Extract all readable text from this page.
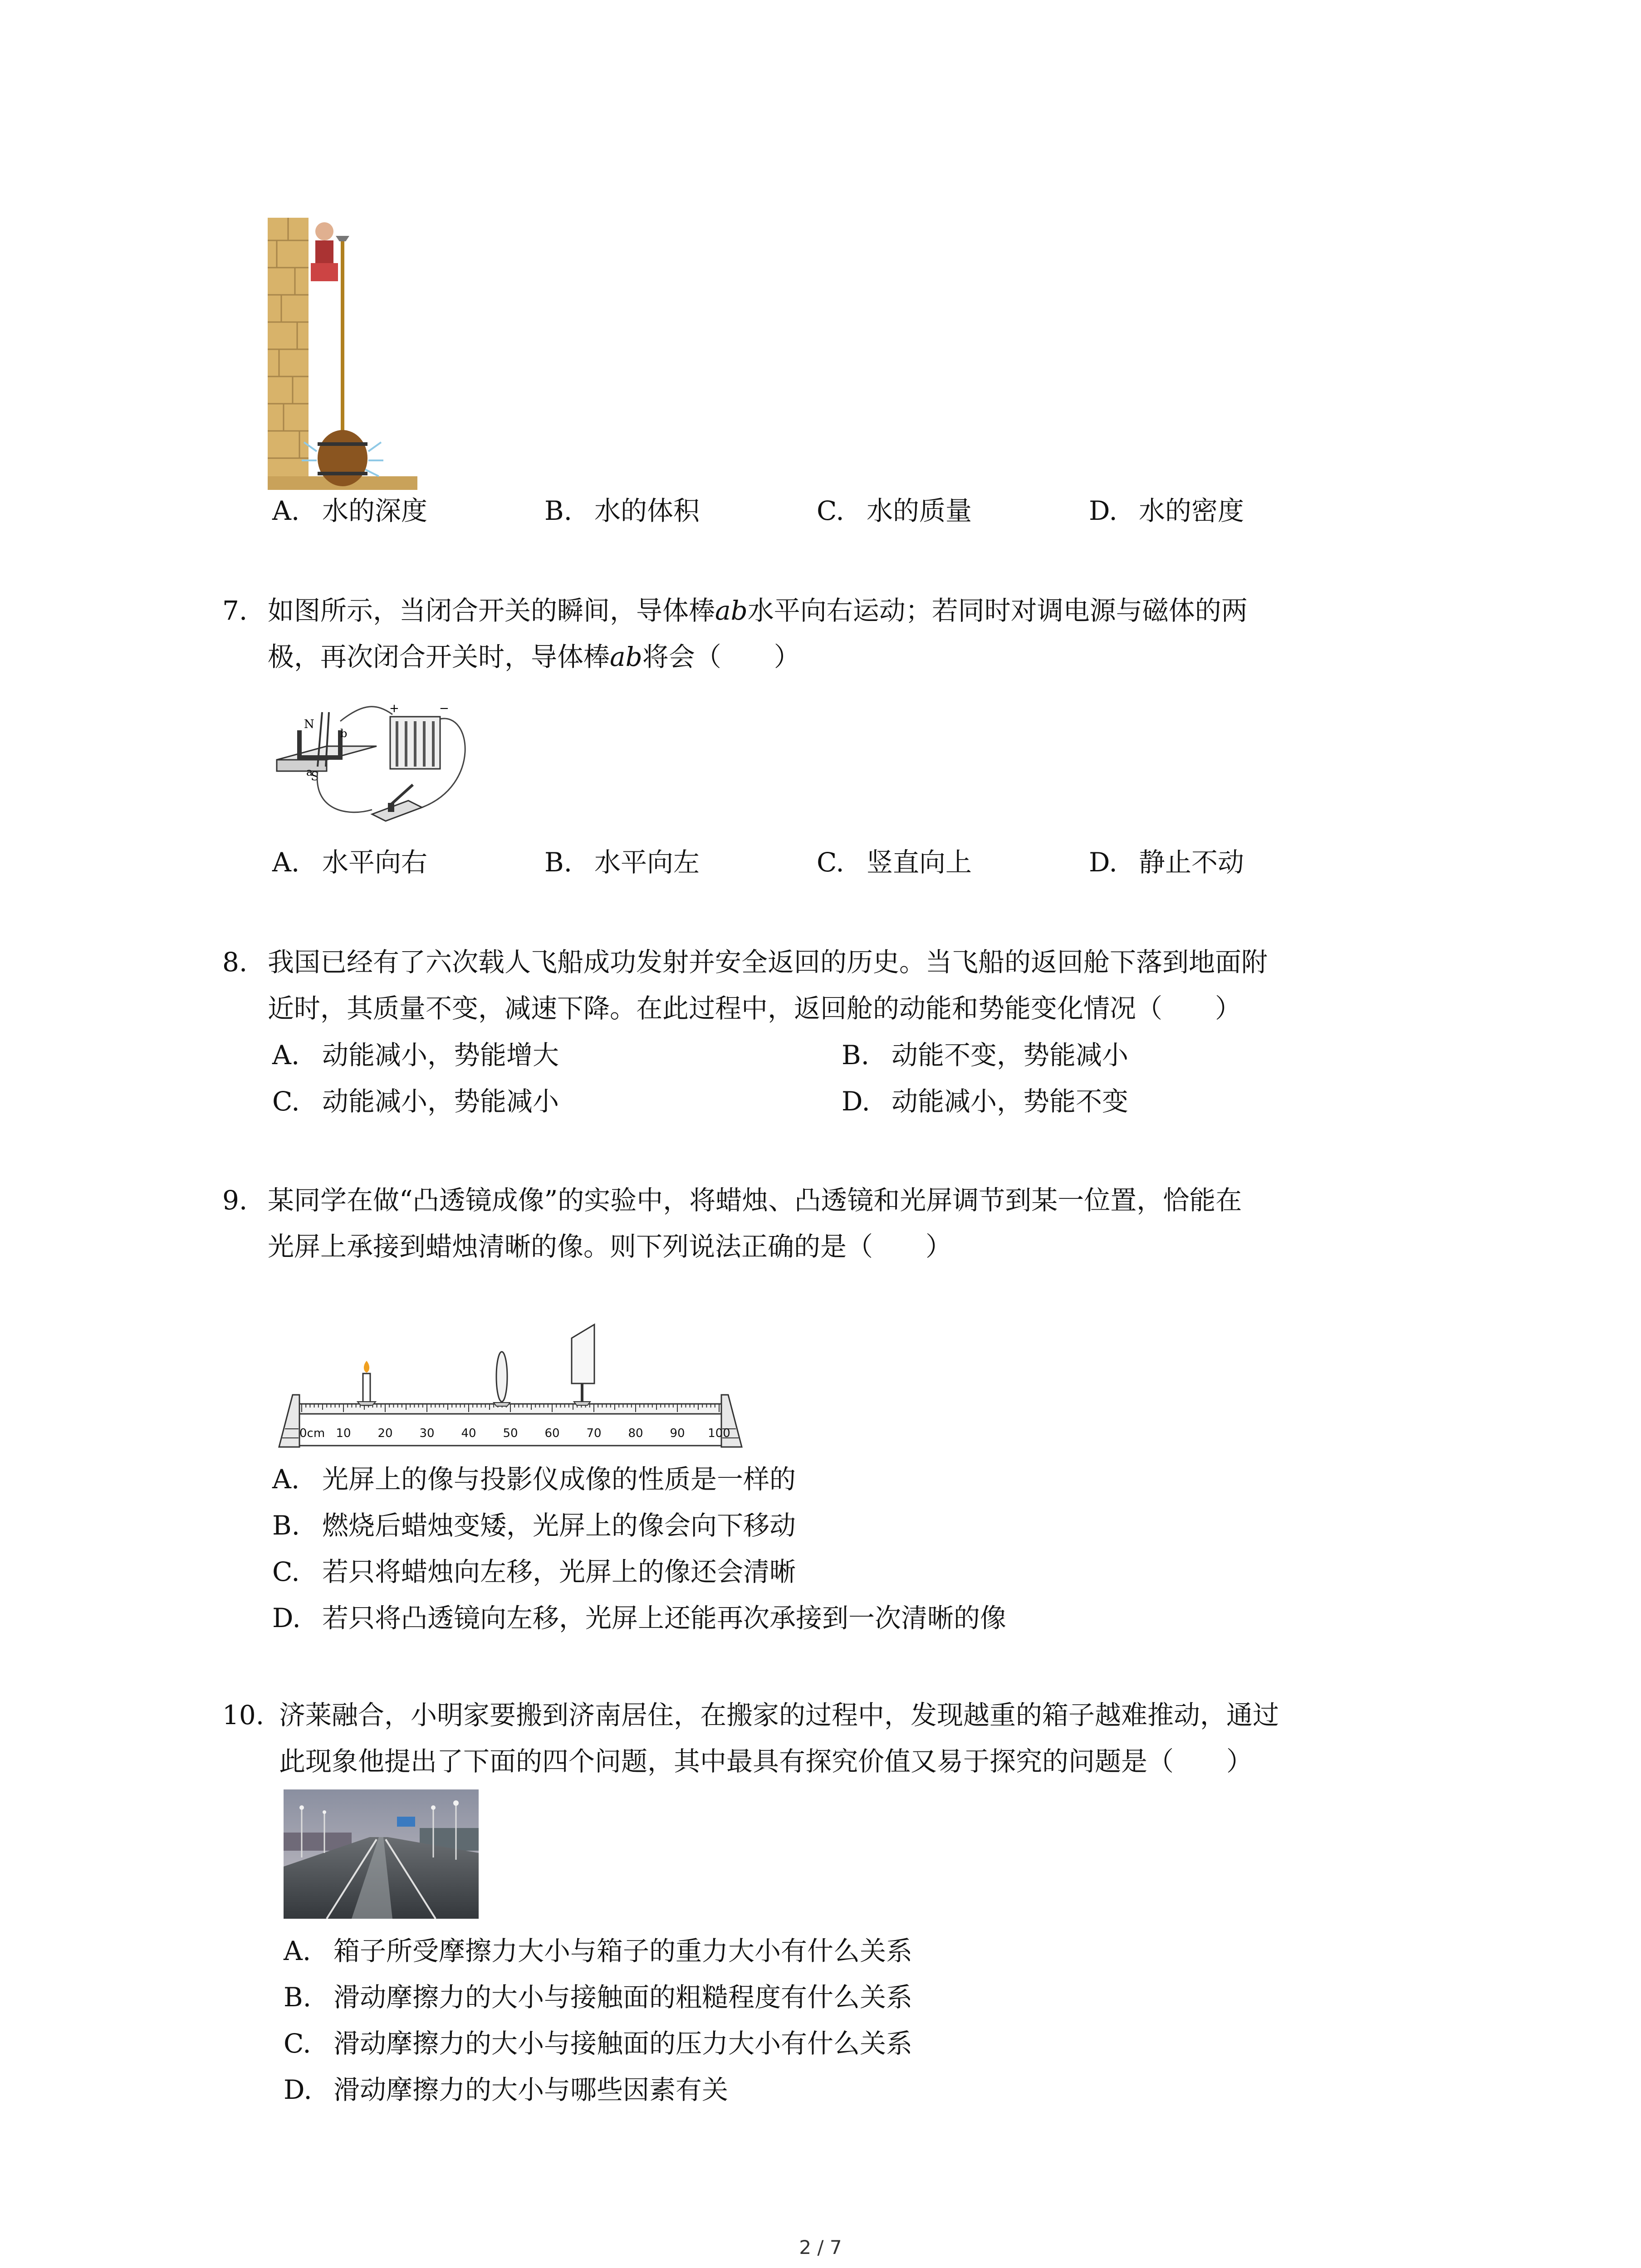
A. 水的深度	B. 水的体积	C. 水的质量	D. 水的密度
7. 如图所示，当闭合开关的瞬间，导体棒ab水平向右运动；若同时对调电源与磁体的两
极，再次闭合开关时，导体棒ab将会（　　）
N
S
a
b
+	−
A. 水平向右	B. 水平向左	C. 竖直向上	D. 静止不动
8. 我国已经有了六次载人飞船成功发射并安全返回的历史。当飞船的返回舱下落到地面附
近时，其质量不变，减速下降。在此过程中，返回舱的动能和势能变化情况（　　）
A. 动能减小，势能增大	B. 动能不变，势能减小
C. 动能减小，势能减小	D. 动能减小，势能不变
9. 某同学在做“凸透镜成像”的实验中，将蜡烛、凸透镜和光屏调节到某一位置，恰能在
光屏上承接到蜡烛清晰的像。则下列说法正确的是（　　）
0cm 10 20 30 40 50 60 70 80 90 100
A. 光屏上的像与投影仪成像的性质是一样的
B. 燃烧后蜡烛变矮，光屏上的像会向下移动
C. 若只将蜡烛向左移，光屏上的像还会清晰
D. 若只将凸透镜向左移，光屏上还能再次承接到一次清晰的像
10. 济莱融合，小明家要搬到济南居住，在搬家的过程中，发现越重的箱子越难推动，通过
此现象他提出了下面的四个问题，其中最具有探究价值又易于探究的问题是（　　）
A. 箱子所受摩擦力大小与箱子的重力大小有什么关系
B. 滑动摩擦力的大小与接触面的粗糙程度有什么关系
C. 滑动摩擦力的大小与接触面的压力大小有什么关系
D. 滑动摩擦力的大小与哪些因素有关
2 / 7
